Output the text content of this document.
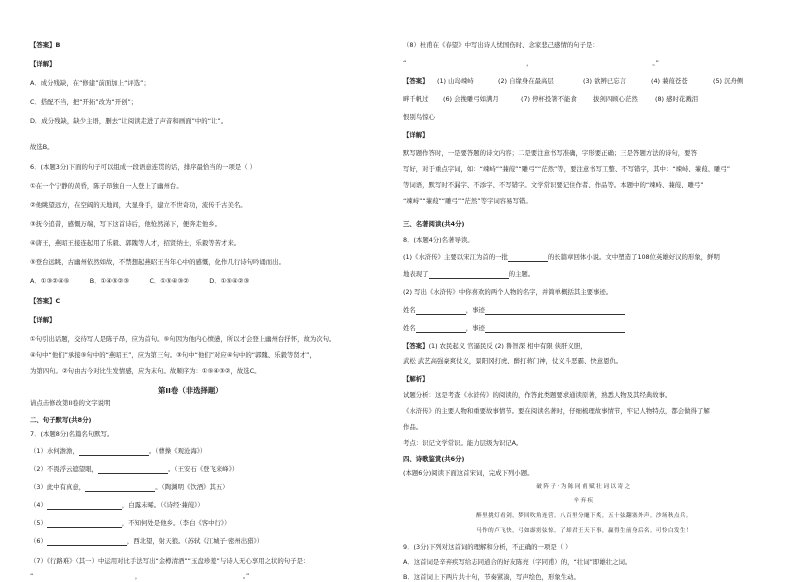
【答案】B
【详解】
A．成分残缺，在“修建”前面加上“评选”；
C．搭配不当，把“开拓”改为“开创”；
D．成分残缺，缺少主语，删去“让阅读走进了声音和画面”中的“让”。
故选B。
6．(本题3分)下面的句子可以组成一段语意连贯的话，排序最恰当的一项是（ ）
①在一个宁静的黄昏，陈子昂独自一人登上了幽州台。
②他眺望远方，在空阔的天地间，大显身手，建立不世奇功，流传千古美名。
③抚今追昔，感慨万端，写下这首诗后，他怆然涕下，便奔走他乡。
④唐王，燕昭王接连起用了乐毅、郭隗等人才，招贤纳士，乐毅等苦才来。
⑤登台远眺，古幽州依然如故，不禁想起燕昭王当年心中的感慨，化作几行诗句吟诵而出。
A．①③②④⑤          B．①④⑤②③          C．①⑤④③②          D．①⑤④②③
【答案】C
【详解】
①句引出话题，交待写人是陈子昂，应为首句。⑤句因为他内心愤懑，所以才会登上幽州台抒怀，故为次句。
④句中“他们”承接⑤句中的“燕昭王”，应为第三句。③句中“他们”对应④句中的“郭隗、乐毅等贤才”，
为第四句。②句由古今对比生发情感，应为末句。故顺序为：①⑤④③②，故选C。
第II卷（非选择题）
请点击修改第II卷的文字说明
二、句子默写(共8分)
7．(本题8分)名篇名句默写。
（1）水何澹澹，	。（曹操《观沧海》）
（2）不畏浮云遮望眼，	。（王安石《登飞来峰》）
（3）此中有真意，	。（陶渊明《饮酒》其五）
（4）	，白露未晞。（《诗经·蒹葭》）
（5）	，不知何处是他乡。（李白《客中行》）
（6）	，西北望，射天狼。（苏轼《江城子·密州出猎》）
（7）《行路难》（其一）中运用对比手法写出“金樽清酒”“玉盘珍羞”与诗人无心享用之状的句子是：
“                                                  ，                                                  。”
（8）杜甫在《春望》中写出诗人忧国伤时、念家悲己感情的句子是：
“                                                           ，                                                           。”
【答案】 (1) 山岛竦峙	(2) 自缘身在最高层	(3) 欲辨已忘言	(4) 蒹葭苍苍	(5) 沉舟侧
畔千帆过 (6) 会挽雕弓如满月	(7) 停杯投箸不能食	拔剑四顾心茫然	(8) 感时花溅泪
恨别鸟惊心
【详解】
默写题作答时，一是要答题的诗文内容；二是要注意书写准确，字形要正确；三是答题方法的诗句，要答
写好，对于重点字词，如：“竦峙”“蒹葭”“雕弓”“茫然”等，要注意书写工整、不写错字，其中：“竦峙、蒹葭、雕弓”
等词语，默写时不漏字、不添字、不写错字。文学常识要记住作者、作品等。本题中的“竦峙、蒹葭、雕弓”
“竦峙”“蒹葭”“雕弓”“茫然”等字词容易写错。
三、名著阅读(共4分)
8．(本题4分)名著导读。
(1)《水浒传》主要以宋江为首的一批	的长篇章回体小说。文中塑造了108位英雄好汉的形象，鲜明
地表现了	的主题。
(2) 写出《水浒传》中你喜欢的两个人物的名字，并简单概括其主要事迹。
姓名	，事迹
姓名	，事迹
【答案】(1) 农民起义 官逼民反 (2) 鲁智深 相中有限 侠肝义胆，
武松 武艺高强豪爽仗义，景阳冈打虎、醉打蒋门神，仗义斗恶霸、快意恩仇。
【解析】
试题分析：这是考查《水浒传》的阅读的，作答此类题要求通读原著，熟悉人物及其经典故事。
《水浒传》的主要人物和重要故事情节。要在阅读名著时，仔细梳理故事情节，牢记人物特点，都会做得了解
作品。
考点：识记文学常识。能力层级为识记A。
四、诗歌鉴赏(共6分)
(本题6分)阅读下面这首宋词，完成下列小题。
破阵子·为陈同甫赋壮词以寄之
辛弃疾
醉里挑灯看剑，梦回吹角连营。八百里分麾下炙，五十弦翻塞外声。沙场秋点兵。
马作的卢飞快，弓如霹雳弦惊。了却君王天下事，赢得生前身后名。可怜白发生！
9．(3分)下列对这首词的理解和分析，不正确的一项是（ ）
A．这首词是辛弃疾写给志同道合的好友陈亮（字同甫）的，“壮词”即雄壮之词。
B．这首词上下两片共十句，节奏紧凑，写声绘色，形象生动。
